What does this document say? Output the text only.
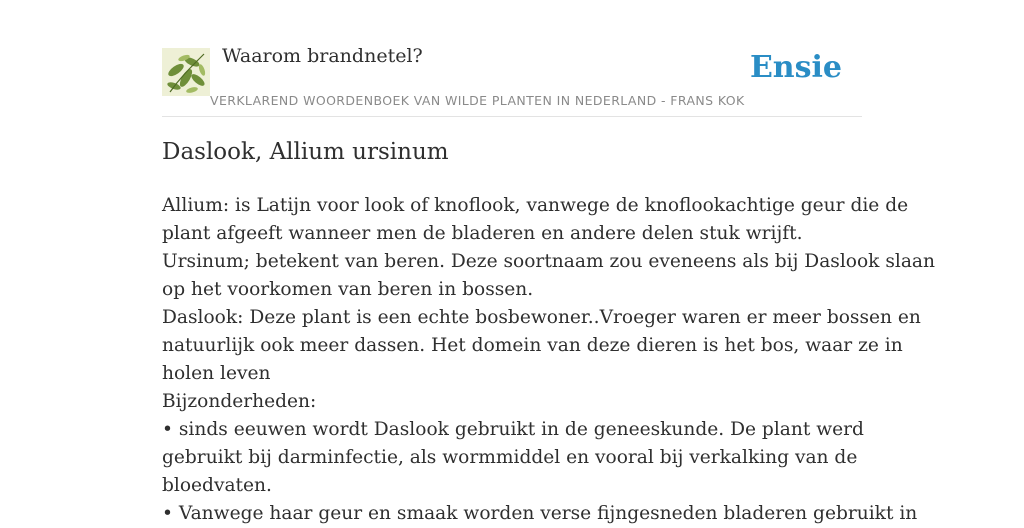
Waarom brandnetel?
VERKLAREND WOORDENBOEK VAN WILDE PLANTEN IN NEDERLAND - FRANS KOK
Ensie
Daslook, Allium ursinum

Allium: is Latijn voor look of knoflook, vanwege de knoflookachtige geur die de

plant afgeeft wanneer men de bladeren en andere delen stuk wrijft.

Ursinum; betekent van beren. Deze soortnaam zou eveneens als bij Daslook slaan

op het voorkomen van beren in bossen.

Daslook: Deze plant is een echte bosbewoner..Vroeger waren er meer bossen en

natuurlijk ook meer dassen. Het domein van deze dieren is het bos, waar ze in

holen leven

Bijzonderheden:

• sinds eeuwen wordt Daslook gebruikt in de geneeskunde. De plant werd

gebruikt bij darminfectie, als wormmiddel en vooral bij verkalking van de

bloedvaten.

• Vanwege haar geur en smaak worden verse fijngesneden bladeren gebruikt in
